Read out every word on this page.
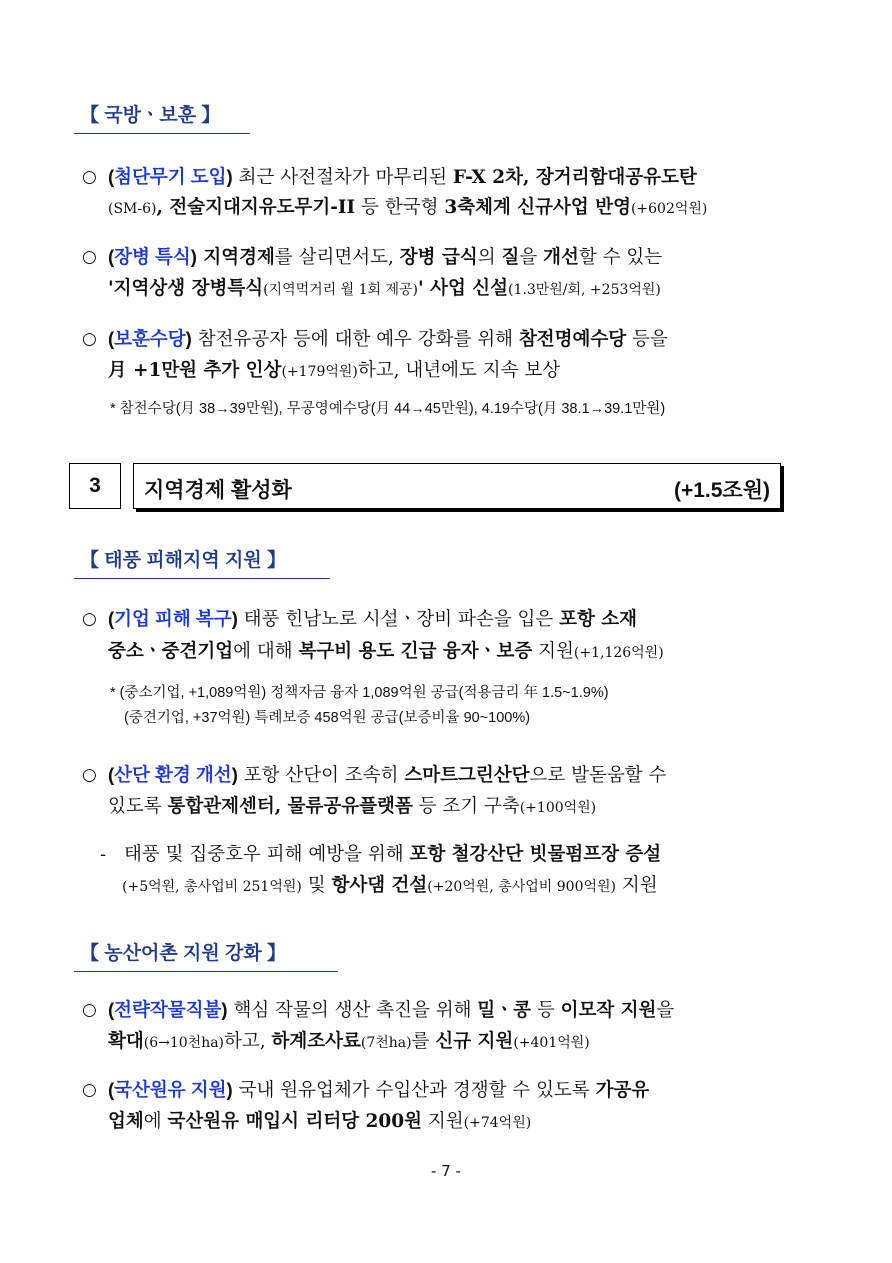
【 국방ㆍ보훈 】
○ (첨단무기 도입) 최근 사전절차가 마무리된 F-X 2차, 장거리함대공유도탄
(SM-6), 전술지대지유도무기-II 등 한국형 3축체계 신규사업 반영(+602억원)
○ (장병 특식) 지역경제를 살리면서도, 장병 급식의 질을 개선할 수 있는
'지역상생 장병특식(지역먹거리 월 1회 제공)' 사업 신설(1.3만원/회, +253억원)
○ (보훈수당) 참전유공자 등에 대한 예우 강화를 위해 참전명예수당 등을
月 +1만원 추가 인상(+179억원)하고, 내년에도 지속 보상
* 참전수당(月 38→39만원), 무공영예수당(月 44→45만원), 4.19수당(月 38.1→39.1만원)
3 지역경제 활성화	(+1.5조원)
【 태풍 피해지역 지원 】
○ (기업 피해 복구) 태풍 힌남노로 시설ㆍ장비 파손을 입은 포항 소재
중소ㆍ중견기업에 대해 복구비 용도 긴급 융자ㆍ보증 지원(+1,126억원)
* (중소기업, +1,089억원) 정책자금 융자 1,089억원 공급(적용금리 年 1.5~1.9%)
(중견기업, +37억원) 특례보증 458억원 공급(보증비율 90~100%)
○ (산단 환경 개선) 포항 산단이 조속히 스마트그린산단으로 발돋움할 수
있도록 통합관제센터, 물류공유플랫폼 등 조기 구축(+100억원)
- 태풍 및 집중호우 피해 예방을 위해 포항 철강산단 빗물펌프장 증설
(+5억원, 총사업비 251억원) 및 항사댐 건설(+20억원, 총사업비 900억원) 지원
【 농산어촌 지원 강화 】
○ (전략작물직불) 핵심 작물의 생산 촉진을 위해 밀ㆍ콩 등 이모작 지원을
확대(6→10천ha)하고, 하계조사료(7천ha)를 신규 지원(+401억원)
○ (국산원유 지원) 국내 원유업체가 수입산과 경쟁할 수 있도록 가공유
업체에 국산원유 매입시 리터당 200원 지원(+74억원)
- 7 -
